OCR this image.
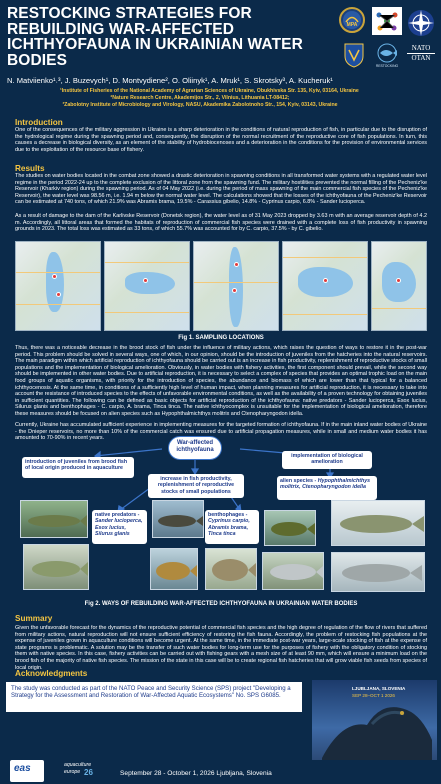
RESTOCKING STRATEGIES FOR
REBUILDING WAR-AFFECTED
ICHTHYOFAUNA IN UKRAINIAN WATER
BODIES
N. Matviienko¹˒³, J. Buzevych¹, D. Montvydiene², O. Oliinyk¹, A. Mruk¹, S. Skrotsky³, A. Kucheruk¹
¹Institute of Fisheries of the National Academy of Agrarian Sciences of Ukraine, Obukhivska Str. 135, Kyiv, 03164, Ukraine
²Nature Research Centre, Akademijos Str., 2, Vilnius, Lithuania LT-08412;
³Zabolotny Institute of Microbiology and Virology, NASU, Akademika Zabolotnoho Str., 154, Kyiv, 03143, Ukraine
МРА
NATO
OTAN
RESTOCKING
Introduction
One of the consequences of the military aggression in Ukraine is a sharp deterioration in the conditions of natural reproduction of fish, in particular due to the disruption of the hydrological regime during the spawning period and, consequently, the disruption of the normal recruitment of the reproductive core of fish populations. In turn, this causes a decrease in biological diversity, as an element of the stability of hydrobiocenoses and a deterioration in the conditions for the provision of environmental services due to the exploitation of the resource base of fishery.
Results
The studies on water bodies located in the combat zone showed a drastic deterioration in spawning conditions in all transformed water systems with a regulated water level regime in the period 2022-24 up to the complete exclusion of the littoral zone from the spawning fund. The military hostilities prevented the normal filling of the Pechenizʹke Reservoir (Kharkiv region) during the spawning period. As of 04 May 2022 (i.e. during the period of mass spawning of the main commercial fish species of the Pechenizʹke Reservoir), the water level was 98.56 m, i.e. 1.94 m below the normal water level. The calculations showed that the losses of the ichthyofauna of the Pechenizʹke Reservoir can be estimated at 740 tons, of which 21.9% was Abramis brama, 19.5% - Carassius gibelio, 14.8% - Cyprinus carpio, 6.8% - Sander lucioperca.
As a result of damage to the dam of the Karlivske Reservoir (Donetsk region), the water level as of 31 May 2023 dropped by 3.63 m with an average reservoir depth of 4.2 m. Accordingly, all littoral areas that formed the habitats of reproduction of commercial fish species were drained with a complete loss of fish productivity in spawning grounds in 2023. The total loss was estimated as 33 tons, of which 55.7% was accounted for by C. carpio, 37.5% - by C. gibelio.
Fig 1. SAMPLING LOCATIONS
Thus, there was a noticeable decrease in the brood stock of fish under the influence of military actions, which raises the question of ways to restore it in the post-war period. This problem should be solved in several ways, one of which, in our opinion, should be the introduction of juveniles from the hatcheries into the natural reservoirs. The main paradigm within which artificial reproduction of ichthyofauna should be carried out is an increase in fish productivity, replenishment of reproductive stocks of small populations and the implementation of biological amelioration. Obviously, in water bodies with fishery activities, the first component should prevail, while the second way should be implemented in other water bodies. Due to artificial reproduction, it is necessary to select a complex of species that provides an optimal trophic load on the main food groups of aquatic organisms, with priority for the introduction of species, the abundance and biomass of which are lower than that typical for a balanced ichthyocenosis. At the same time, in conditions of a sufficiently high level of human impact, when planning measures for artificial reproduction, it is necessary to take into account the resistance of introduced species to the effects of unfavorable environmental conditions, as well as the availability of a proven technology for obtaining juveniles in sufficient quantities. The following can be defined as basic objects for artificial reproduction of the ichthyofauna: native predators - Sander lucioperca, Esox lucius, Silurus glanis and benthophages - C. carpio, A. brama, Tinca tinca. The native ichthyocomplex is unsuitable for the implementation of biological amelioration, therefore these measures should be focused on alien species such as Hypophthalmichthys molitrix and Ctenopharyngodon idella.
Currently, Ukraine has accumulated sufficient experience in implementing measures for the targeted formation of ichthyofauna. If in the main inland water bodies of Ukraine - the Dnieper reservoirs, no more than 10% of the commercial catch was ensured due to artificial propagation measures, while in small and medium water bodies it has amounted to 70-90% in recent years.
War-affected ichthyofauna
introduction of juveniles from brood fish of local origin produced in aquaculture
implementation of biological amelioration
increase in fish productivity, replenishment of reproductive stocks of small populations
alien species - Hypophthalmichthys molitrix, Ctenopharyngodon idella
native predators -
Sander lucioperca, Esox lucius, Silurus glanis
benthophages -
Cyprinus carpio, Abramis brama, Tinca tinca
Fig 2. WAYS OF REBUILDING WAR-AFFECTED ICHTHYOFAUNA IN UKRAINIAN WATER BODIES
Summary
Given the unfavorable forecast for the dynamics of the reproductive potential of commercial fish species and the high degree of regulation of the flow of rivers that suffered from military actions, natural reproduction will not ensure sufficient efficiency of restoring the fish fauna. Accordingly, the problem of restocking fish populations at the expense of juveniles grown in aquaculture conditions will become urgent. At the same time, in the immediate post-war years, large-scale stocking of fish at the expense of state programs is problematic. A solution may be the transfer of such water bodies for long-term use for the purposes of fishery with the obligatory condition of stocking them with native species. In this case, fishery activities can be carried out with fishing gears with a mesh size of at least 90 mm, which will ensure a minimum load on the brood fish of the majority of native fish species. The mission of the state in this case will be to create regional fish hatcheries that will grow viable fish seeds from species of local origin.
Acknowledgments
The study was conducted as part of the NATO Peace and Security Science (SPS) project "Developing a Strategy for the Assessment and Restoration of War-Affected Aquatic Ecosystems" No. SPS G6085.
LJUBLJANA, SLOVENIA
SEP 28–OCT 1 2026
eas	aquaculture
europe 26	September 28 - October 1, 2026 Ljubljana, Slovenia
